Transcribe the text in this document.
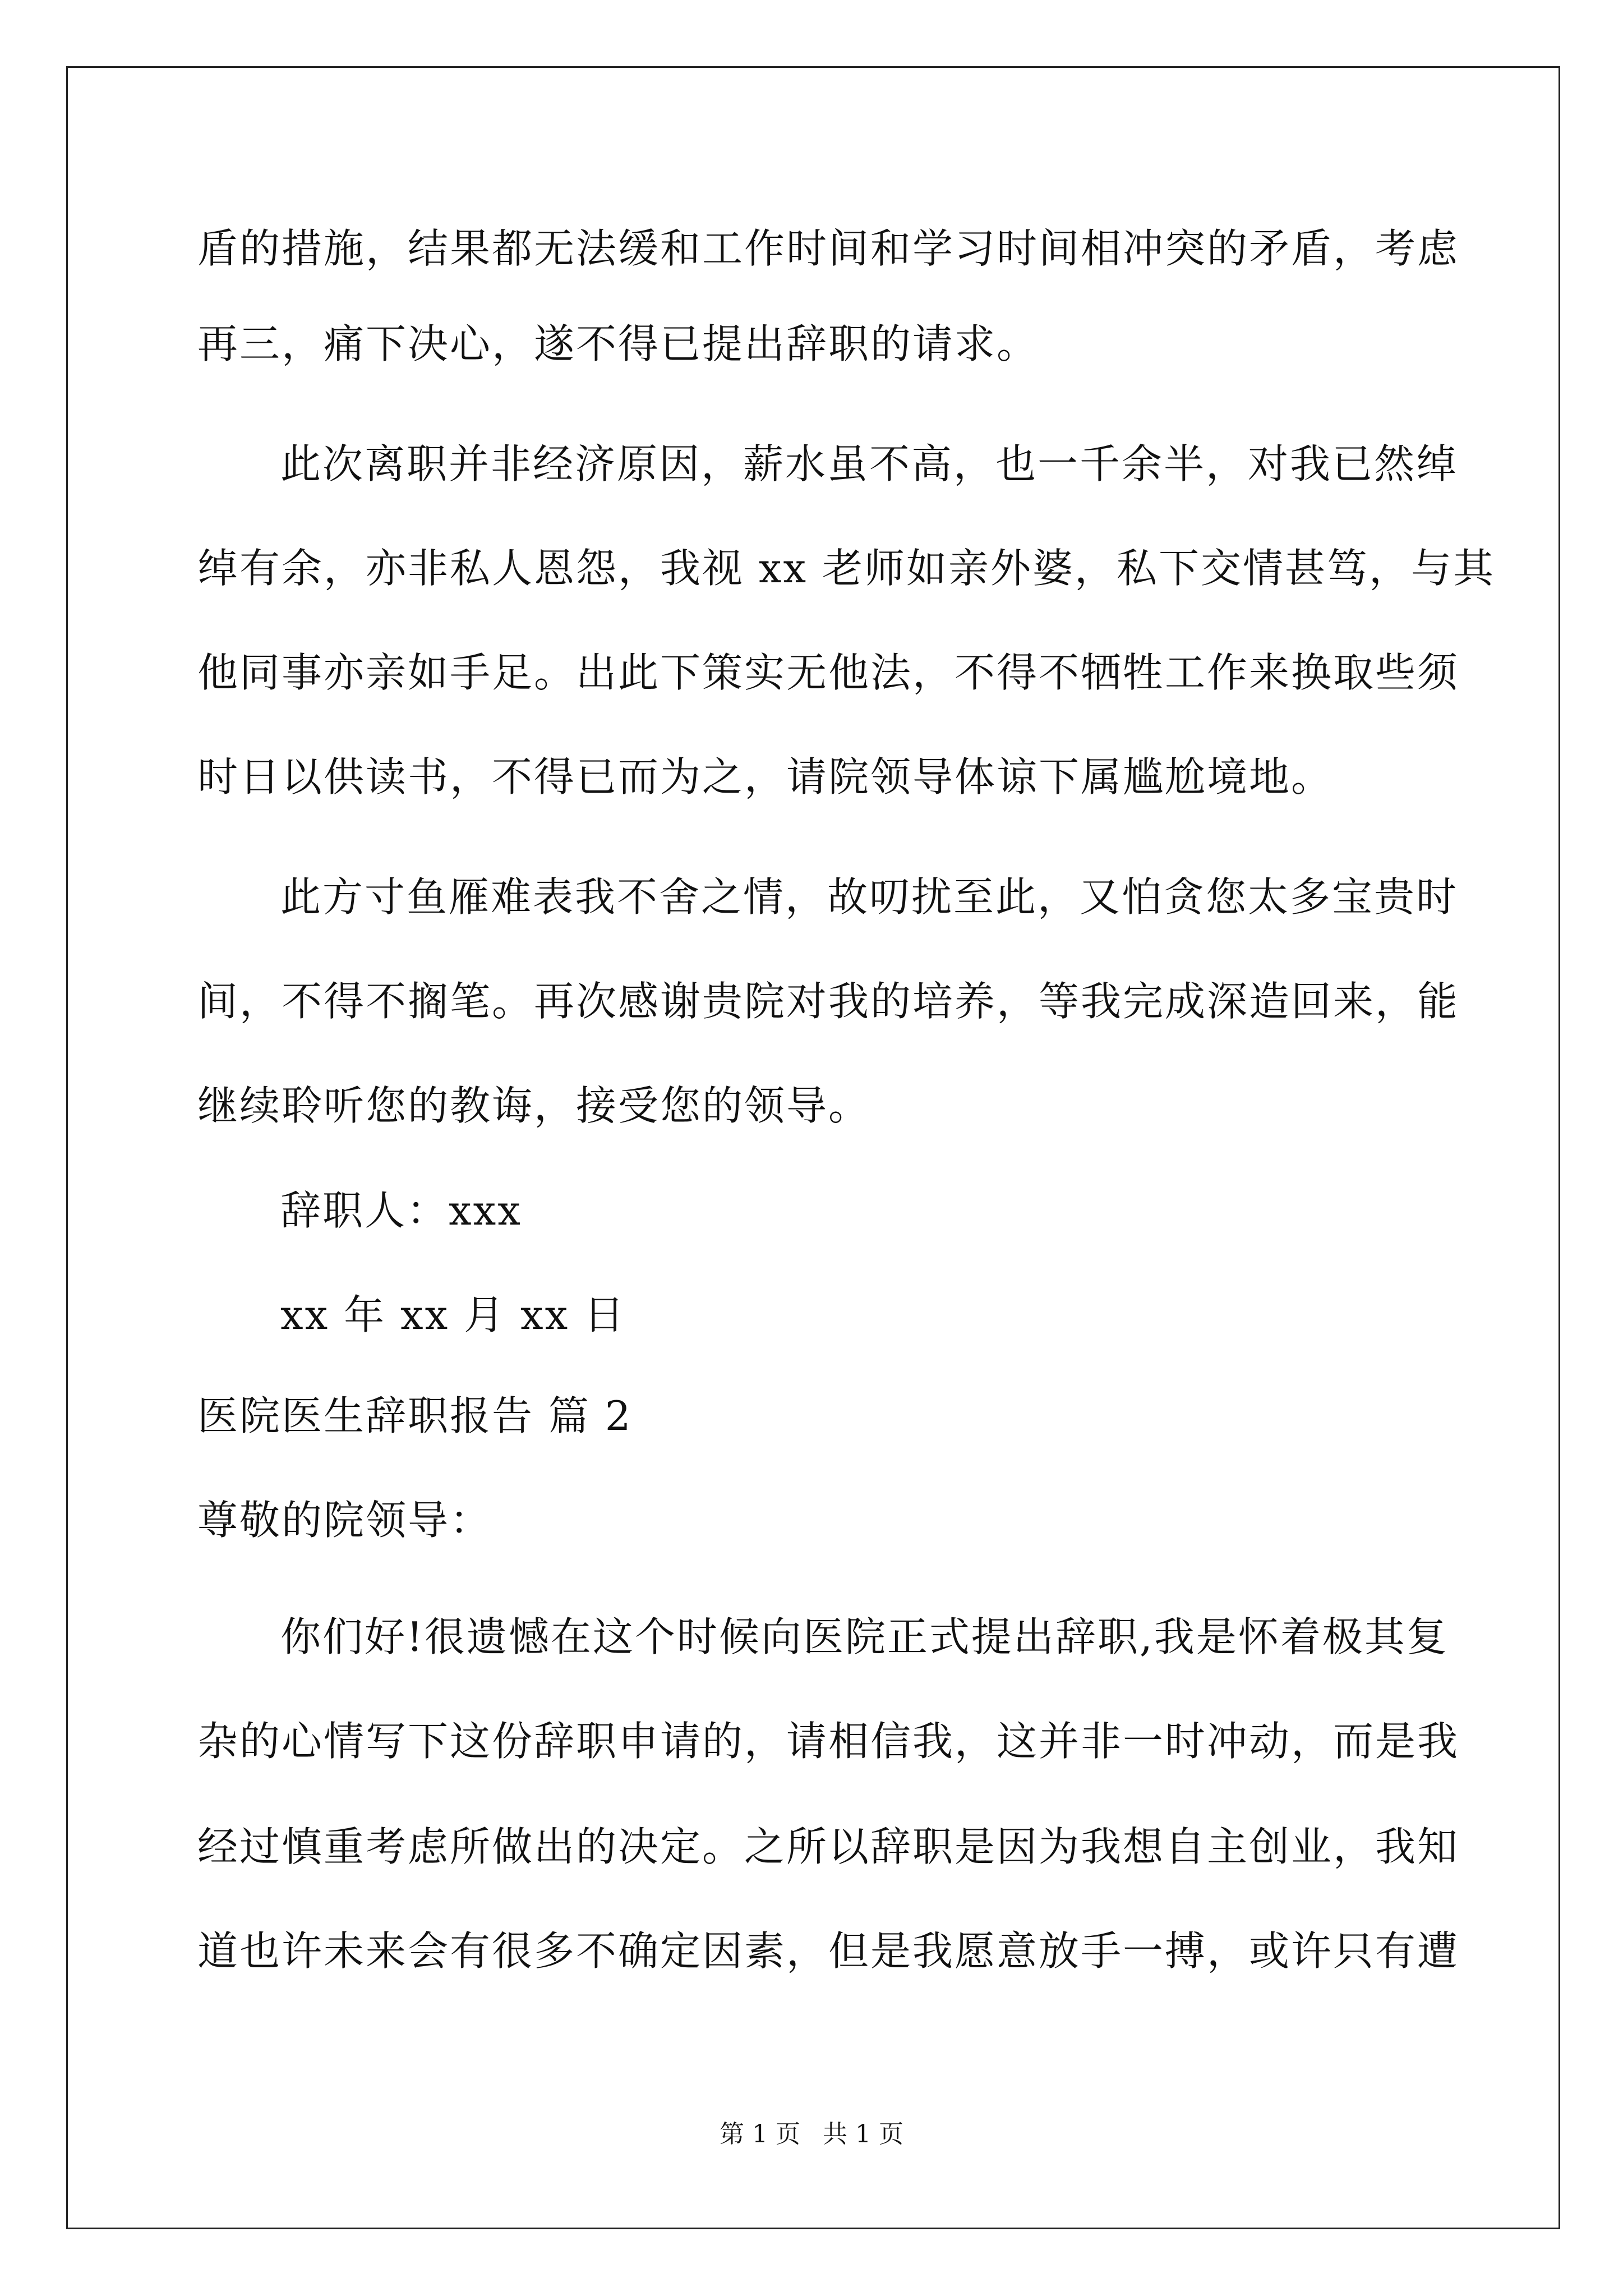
盾的措施，结果都无法缓和工作时间和学习时间相冲突的矛盾，考虑
再三，痛下决心，遂不得已提出辞职的请求。
此次离职并非经济原因，薪水虽不高，也一千余半，对我已然绰
绰有余，亦非私人恩怨，我视 xx 老师如亲外婆，私下交情甚笃，与其
他同事亦亲如手足。出此下策实无他法，不得不牺牲工作来换取些须
时日以供读书，不得已而为之，请院领导体谅下属尴尬境地。
此方寸鱼雁难表我不舍之情，故叨扰至此，又怕贪您太多宝贵时
间，不得不搁笔。再次感谢贵院对我的培养，等我完成深造回来，能
继续聆听您的教诲，接受您的领导。
辞职人：xxx
xx 年 xx 月 xx 日
医院医生辞职报告 篇 2
尊敬的院领导：
你们好!很遗憾在这个时候向医院正式提出辞职,我是怀着极其复
杂的心情写下这份辞职申请的，请相信我，这并非一时冲动，而是我
经过慎重考虑所做出的决定。之所以辞职是因为我想自主创业，我知
道也许未来会有很多不确定因素，但是我愿意放手一搏，或许只有遭
第 1 页 共 1 页
